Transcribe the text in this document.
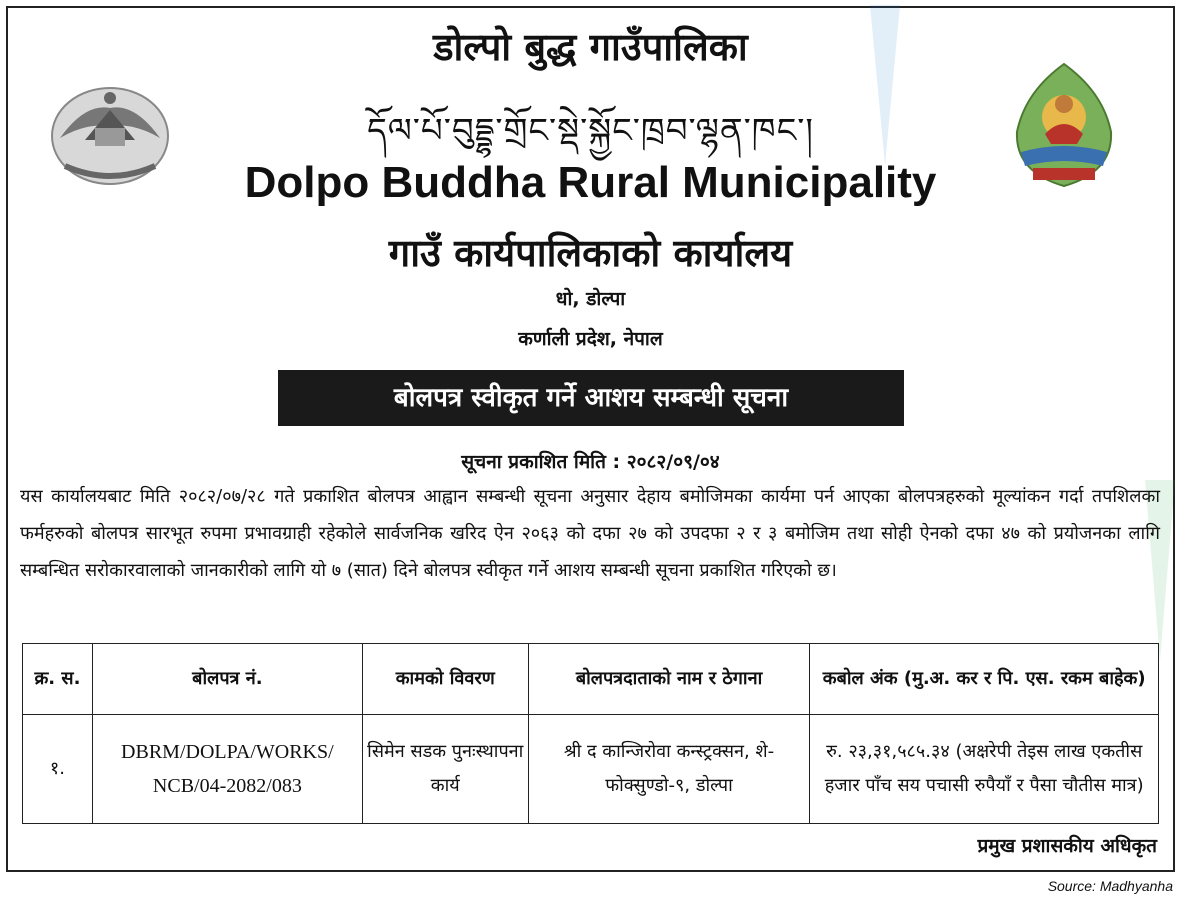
डोल्पो बुद्ध गाउँपालिका
དོལ་པོ་བུདྡྷ་གྲོང་སྡེ་སྐྱོང་ཁྲབ་ལྷན་ཁང་།
Dolpo Buddha Rural Municipality
गाउँ कार्यपालिकाको कार्यालय
धो, डोल्पा
कर्णाली प्रदेश, नेपाल
बोलपत्र स्वीकृत गर्ने आशय सम्बन्धी सूचना
सूचना प्रकाशित मिति : २०८२/०९/०४
यस कार्यालयबाट मिति २०८२/०७/२८ गते प्रकाशित बोलपत्र आह्वान सम्बन्धी सूचना अनुसार देहाय बमोजिमका कार्यमा पर्न आएका बोलपत्रहरुको मूल्यांकन गर्दा तपशिलका फर्महरुको बोलपत्र सारभूत रुपमा प्रभावग्राही रहेकोले सार्वजनिक खरिद ऐन २०६३ को दफा २७ को उपदफा २ र ३ बमोजिम तथा सोही ऐनको दफा ४७ को प्रयोजनका लागि सम्बन्धित सरोकारवालाको जानकारीको लागि यो ७ (सात) दिने बोलपत्र स्वीकृत गर्ने आशय सम्बन्धी सूचना प्रकाशित गरिएको छ।
क्र. स.	बोलपत्र नं.	कामको विवरण	बोलपत्रदाताको नाम र ठेगाना	कबोल अंक (मु.अ. कर र पि. एस. रकम बाहेक)
१.	DBRM/DOLPA/WORKS/ NCB/04-2082/083	सिमेन सडक पुनःस्थापना कार्य	श्री द कान्जिरोवा कन्स्ट्रक्सन, शे-फोक्सुण्डो-९, डोल्पा	रु. २३,३१,५८५.३४ (अक्षरेपी तेइस लाख एकतीस हजार पाँच सय पचासी रुपैयाँ र पैसा चौतीस मात्र)
प्रमुख प्रशासकीय अधिकृत
Source: Madhyanha
